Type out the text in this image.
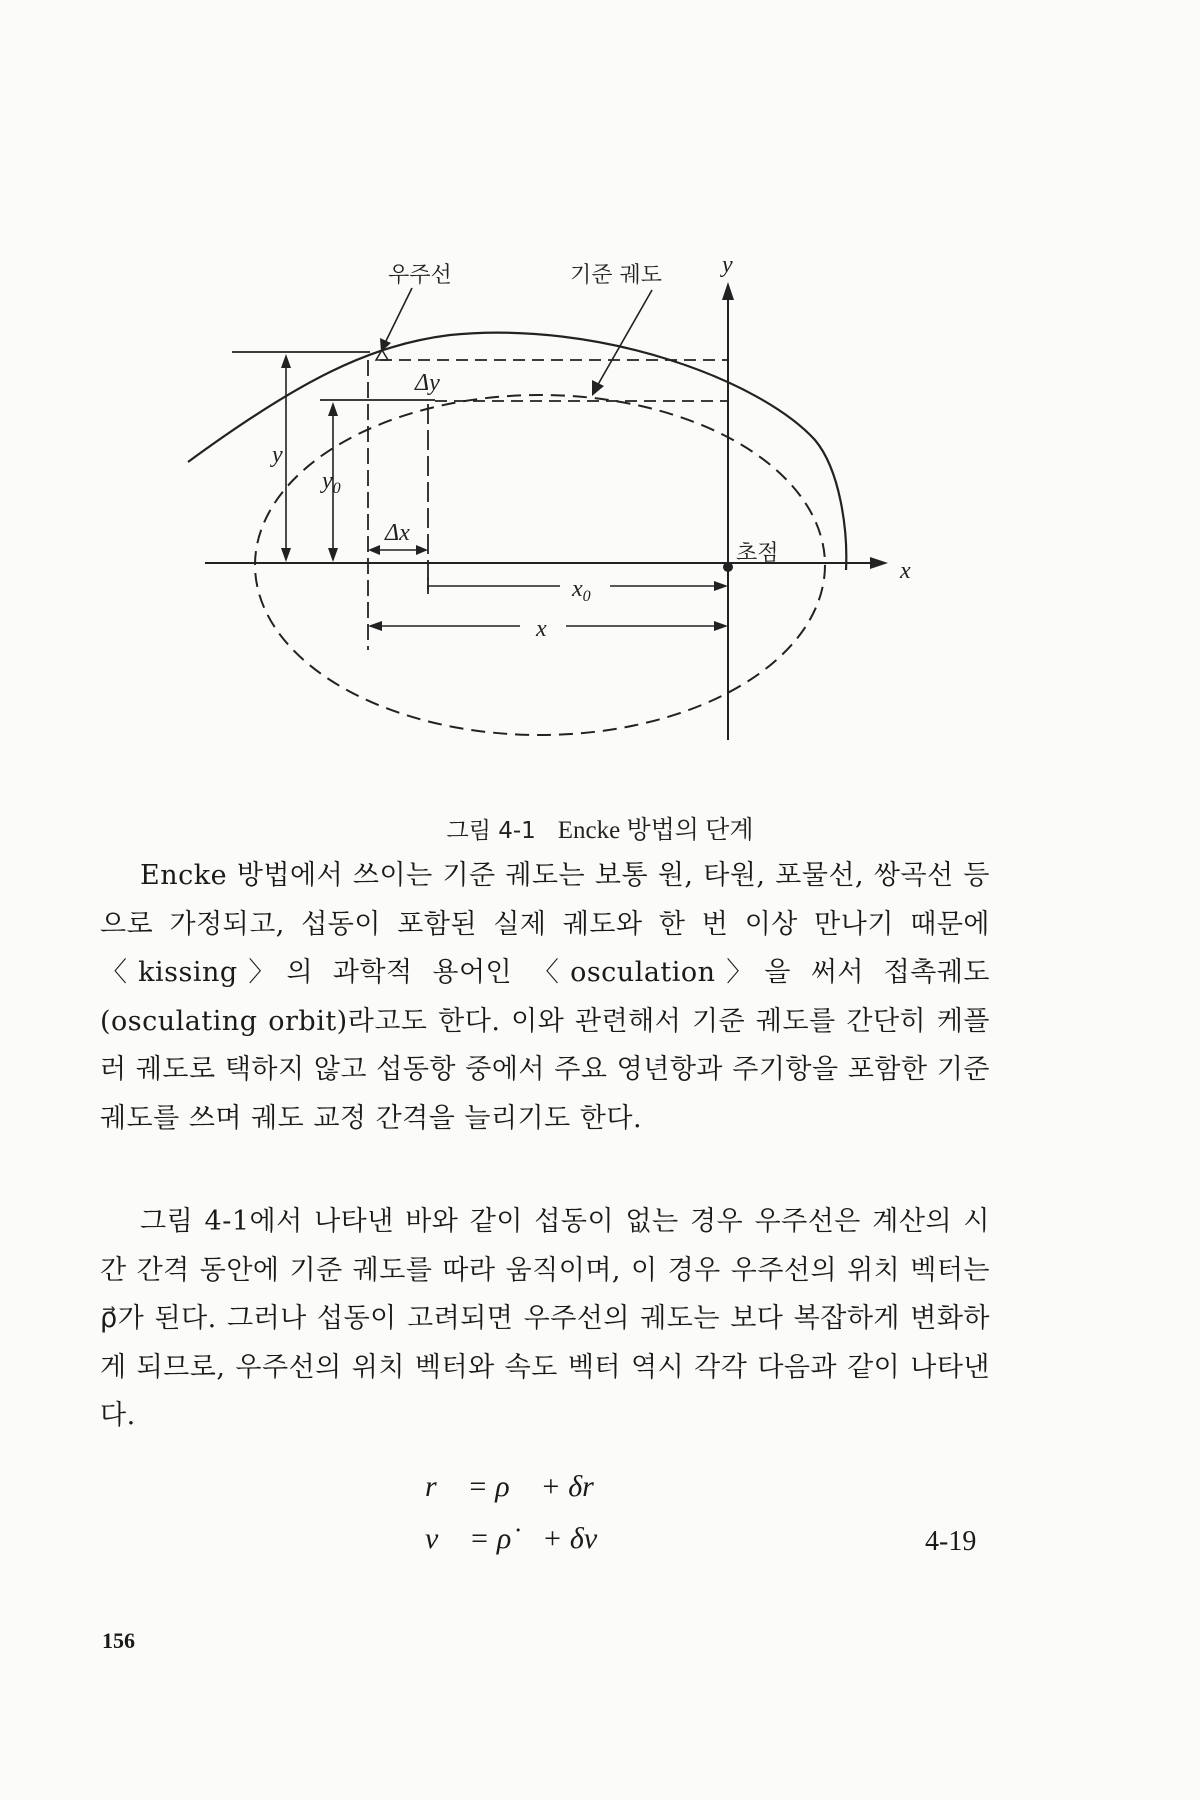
우주선	기준 궤도 y
x
초점
Δy
Δx
y
$y_0$
$x_0$
x
그림 4-1 Encke 방법의 단계
Encke 방법에서 쓰이는 기준 궤도는 보통 원, 타원, 포물선, 쌍곡선 등으로 가정되고, 섭동이 포함된 실제 궤도와 한 번 이상 만나기 때문에 〈kissing〉의 과학적 용어인 〈osculation〉을 써서 접촉궤도(osculating orbit)라고도 한다. 이와 관련해서 기준 궤도를 간단히 케플러 궤도로 택하지 않고 섭동항 중에서 주요 영년항과 주기항을 포함한 기준 궤도를 쓰며 궤도 교정 간격을 늘리기도 한다.
그림 4-1에서 나타낸 바와 같이 섭동이 없는 경우 우주선은 계산의 시간 간격 동안에 기준 궤도를 따라 움직이며, 이 경우 우주선의 위치 벡터는 ρ⃗가 된다. 그러나 섭동이 고려되면 우주선의 궤도는 보다 복잡하게 변화하게 되므로, 우주선의 위치 벡터와 속도 벡터 역시 각각 다음과 같이 나타낸다.
r⃗ = ρ⃗ + δr⃗
v⃗ = ρ̇⃗ + δv⃗	4-19
156
